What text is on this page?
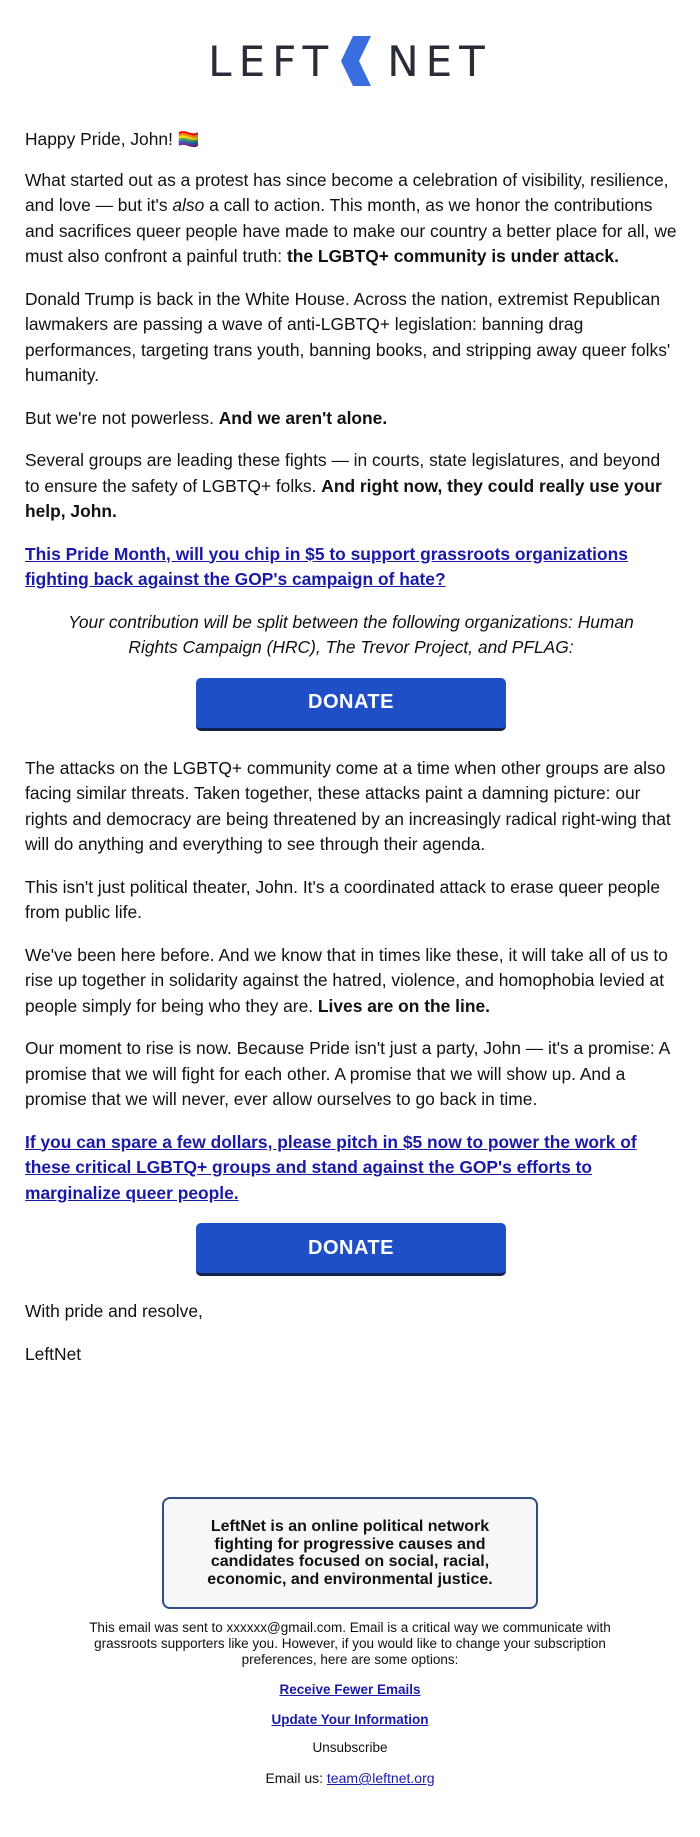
LEFT NET

Happy Pride, John! 🏳️‍🌈

What started out as a protest has since become a celebration of visibility, resilience, and love — but it's also a call to action. This month, as we honor the contributions and sacrifices queer people have made to make our country a better place for all, we must also confront a painful truth: the LGBTQ+ community is under attack.

Donald Trump is back in the White House. Across the nation, extremist Republican lawmakers are passing a wave of anti-LGBTQ+ legislation: banning drag performances, targeting trans youth, banning books, and stripping away queer folks' humanity.

But we're not powerless. And we aren't alone.

Several groups are leading these fights — in courts, state legislatures, and beyond to ensure the safety of LGBTQ+ folks. And right now, they could really use your help, John.

This Pride Month, will you chip in $5 to support grassroots organizations fighting back against the GOP's campaign of hate?

Your contribution will be split between the following organizations: Human Rights Campaign (HRC), The Trevor Project, and PFLAG:

DONATE

The attacks on the LGBTQ+ community come at a time when other groups are also facing similar threats. Taken together, these attacks paint a damning picture: our rights and democracy are being threatened by an increasingly radical right-wing that will do anything and everything to see through their agenda.

This isn't just political theater, John. It's a coordinated attack to erase queer people from public life.

We've been here before. And we know that in times like these, it will take all of us to rise up together in solidarity against the hatred, violence, and homophobia levied at people simply for being who they are. Lives are on the line.

Our moment to rise is now. Because Pride isn't just a party, John — it's a promise: A promise that we will fight for each other. A promise that we will show up. And a promise that we will never, ever allow ourselves to go back in time.

If you can spare a few dollars, please pitch in $5 now to power the work of these critical LGBTQ+ groups and stand against the GOP's efforts to marginalize queer people.

DONATE

With pride and resolve,

LeftNet

LeftNet is an online political network fighting for progressive causes and candidates focused on social, racial, economic, and environmental justice.

This email was sent to xxxxxx@gmail.com. Email is a critical way we communicate with grassroots supporters like you. However, if you would like to change your subscription preferences, here are some options:

Receive Fewer Emails
Update Your Information
Unsubscribe

Email us: team@leftnet.org
